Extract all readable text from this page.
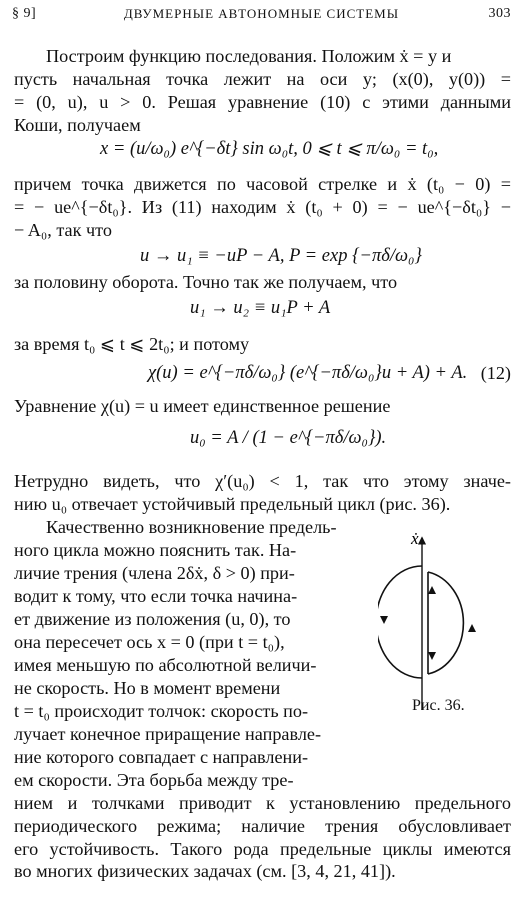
§ 9]	ДВУМЕРНЫЕ АВТОНОМНЫЕ СИСТЕМЫ	303
Построим функцию последования. Положим ẋ = y и
пусть начальная точка лежит на оси y; (x(0), y(0)) =
= (0, u), u > 0. Решая уравнение (10) с этими данными
Коши, получаем
x = (u/ω₀) e^{−δt} sin ω₀t, 0 ⩽ t ⩽ π/ω₀ = t₀,
причем точка движется по часовой стрелке и ẋ (t₀ − 0) =
= − ue^{−δt₀}. Из (11) находим ẋ (t₀ + 0) = − ue^{−δt₀} −
− A₀, так что
u → u₁ ≡ −uP − A, P = exp {−πδ/ω₀}
за половину оборота. Точно так же получаем, что
u₁ → u₂ ≡ u₁P + A
за время t₀ ⩽ t ⩽ 2t₀; и потому
χ(u) = e^{−πδ/ω₀} (e^{−πδ/ω₀}u + A) + A. (12)
Уравнение χ(u) = u имеет единственное решение
u₀ = A / (1 − e^{−πδ/ω₀}).
Нетрудно видеть, что χ′(u₀) < 1, так что этому значе-
нию u₀ отвечает устойчивый предельный цикл (рис. 36).
Качественно возникновение предель-
ного цикла можно пояснить так. На-
личие трения (члена 2δẋ, δ > 0) при-
водит к тому, что если точка начина-
ет движение из положения (u, 0), то
она пересечет ось x = 0 (при t = t₀),
имея меньшую по абсолютной величи-
не скорость. Но в момент времени
t = t₀ происходит толчок: скорость по-
лучает конечное приращение направле-
ние которого совпадает с направлени-
ем скорости. Эта борьба между тре-
нием и толчками приводит к установлению предельного
периодического режима; наличие трения обусловливает
его устойчивость. Такого рода предельные циклы имеются
во многих физических задачах (см. [3, 4, 21, 41]).
ẋ
Рис. 36.
